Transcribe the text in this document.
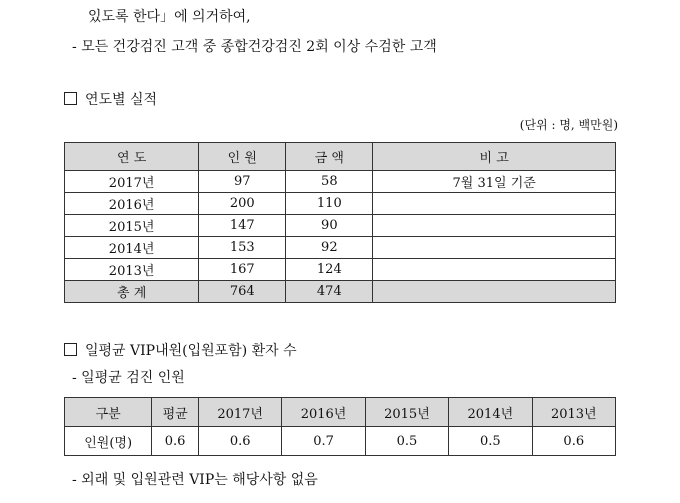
있도록 한다」에 의거하여,
- 모든 건강검진 고객 중 종합건강검진 2회 이상 수검한 고객
연도별 실적
(단위 : 명, 백만원)
연 도	인 원	금 액	비 고
2017년	97	58	7월 31일 기준
2016년	200	110	
2015년	147	90	
2014년	153	92	
2013년	167	124	
총 계	764	474	
일평균 VIP내원(입원포함) 환자 수
- 일평균 검진 인원
구분	평균	2017년	2016년	2015년	2014년	2013년
인원(명)	0.6	0.6	0.7	0.5	0.5	0.6
- 외래 및 입원관련 VIP는 해당사항 없음
